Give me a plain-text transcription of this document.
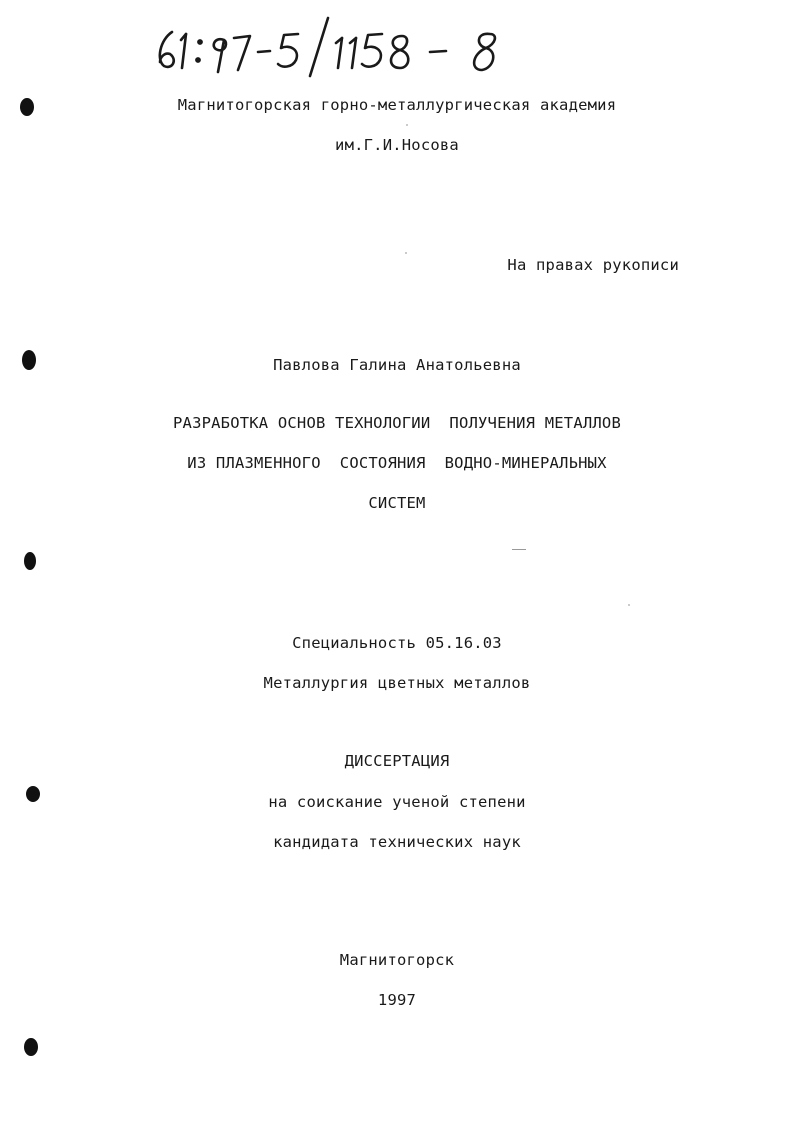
Магнитогорская горно-металлургическая академия
им.Г.И.Носова
На правах рукописи
Павлова Галина Анатольевна
РАЗРАБОТКА ОСНОВ ТЕХНОЛОГИИ  ПОЛУЧЕНИЯ МЕТАЛЛОВ
ИЗ ПЛАЗМЕННОГО  СОСТОЯНИЯ  ВОДНО-МИНЕРАЛЬНЫХ
СИСТЕМ
Специальность 05.16.03
Металлургия цветных металлов
ДИССЕРТАЦИЯ
на соискание ученой степени
кандидата технических наук
Магнитогорск
1997
